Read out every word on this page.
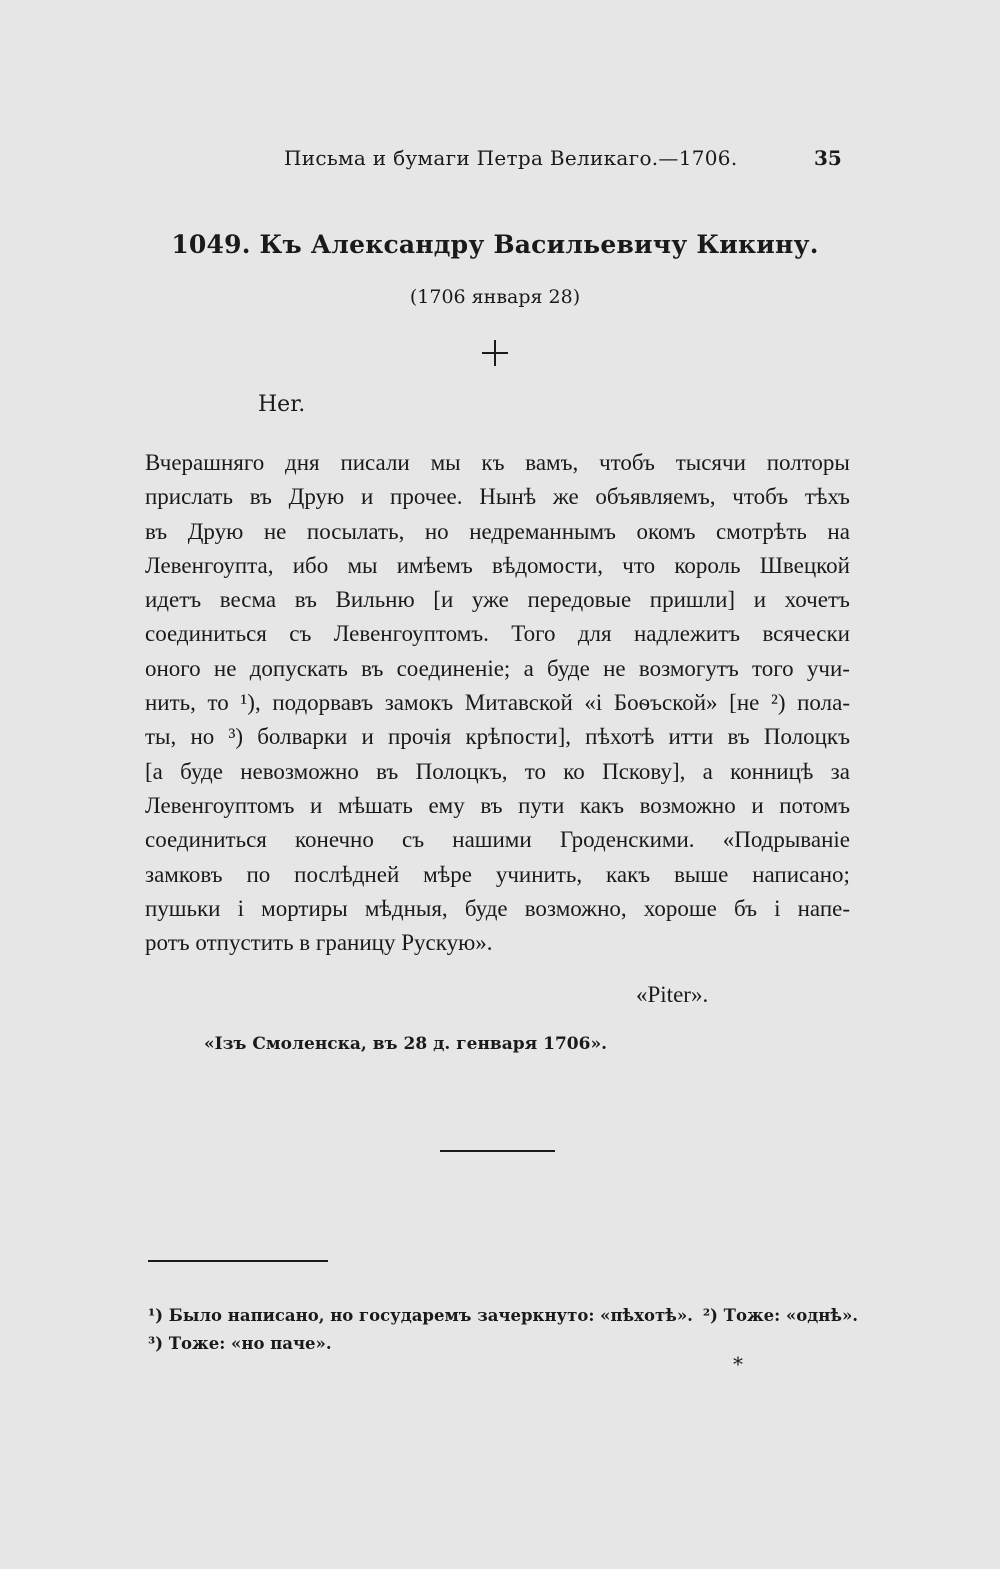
Письма и бумаги Петра Великаго.—1706.	35
1049. Къ Александру Васильевичу Кикину.
(1706 января 28)
Her.
Вчерашняго дня писали мы къ вамъ, чтобъ тысячи полторы
прислать въ Друю и прочее. Нынѣ же объявляемъ, чтобъ тѣхъ
въ Друю не посылать, но недреманнымъ окомъ смотрѣть на
Левенгоупта, ибо мы имѣемъ вѣдомости, что король Швецкой
идетъ весма въ Вильню [и уже передовые пришли] и хочетъ
соединиться съ Левенгоуптомъ. Того для надлежитъ всячески
оного не допускать въ соединеніе; а буде не возмогутъ того учи-
нить, то ¹), подорвавъ замокъ Митавской «і Боѳъской» [не ²) пола-
ты, но ³) болварки и прочія крѣпости], пѣхотѣ итти въ Полоцкъ
[а буде невозможно въ Полоцкъ, то ко Пскову], а конницѣ за
Левенгоуптомъ и мѣшать ему въ пути какъ возможно и потомъ
соединиться конечно съ нашими Гроденскими. «Подрываніе
замковъ по послѣдней мѣре учинить, какъ выше написано;
пушьки і мортиры мѣдныя, буде возможно, хороше бъ і напе-
ротъ отпустить в границу Рускую».
«Piter».
«Ізъ Смоленска, въ 28 д. генваря 1706».
¹) Было написано, но государемъ зачеркнуто: «пѣхотѣ». ²) Тоже: «однѣ».
³) Тоже: «но паче».
*
